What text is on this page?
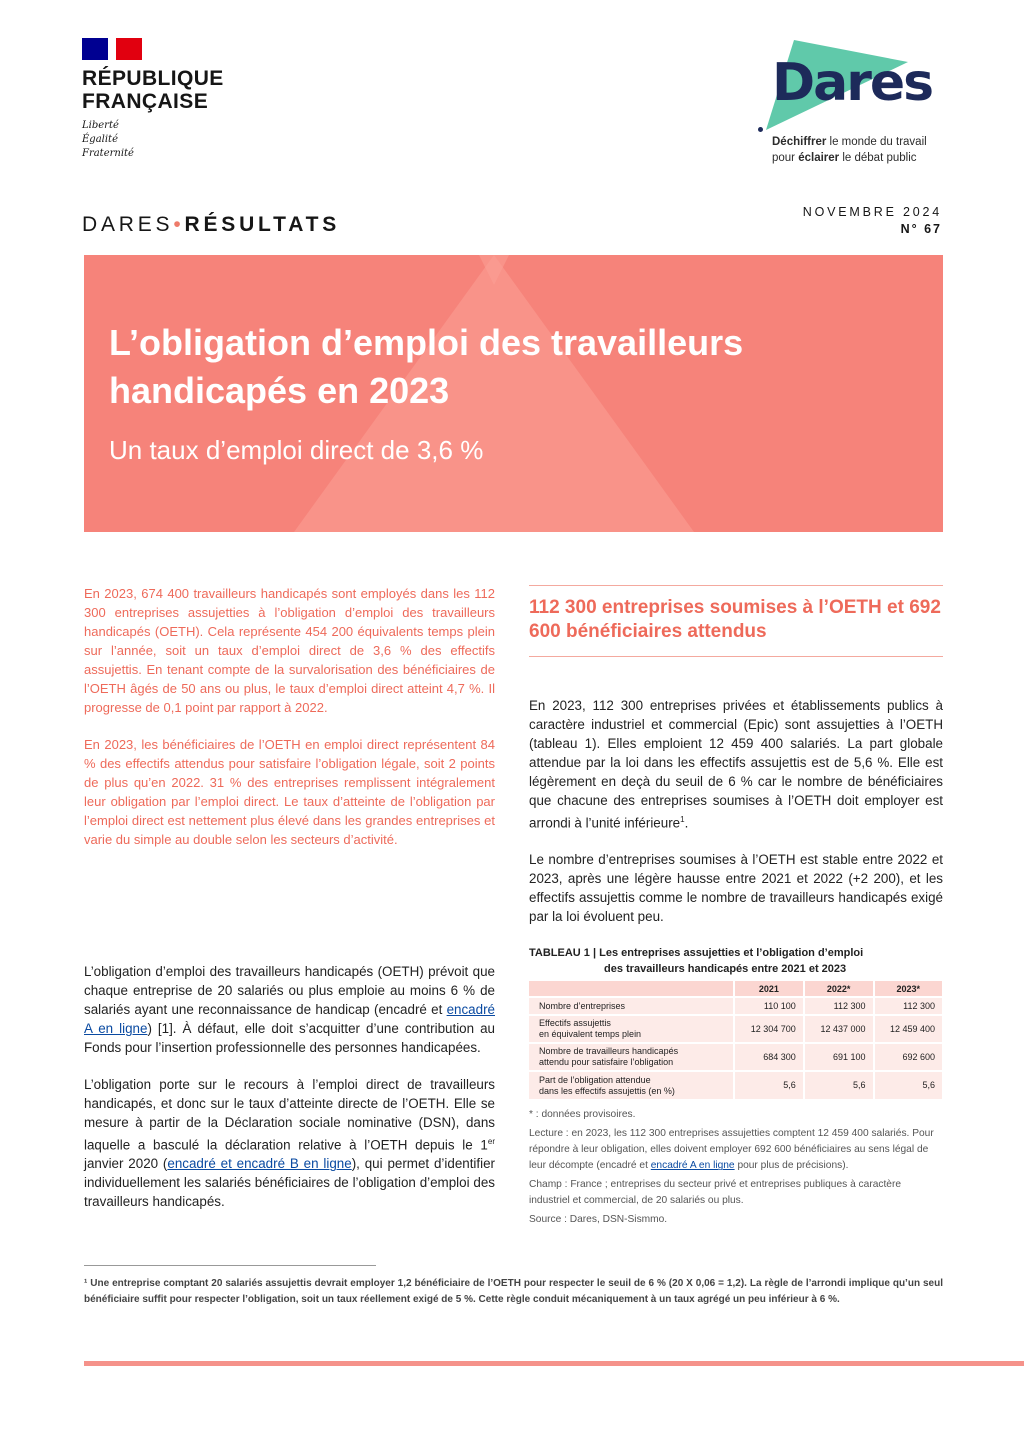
RÉPUBLIQUE
FRANÇAISE
Liberté
Égalité
Fraternité
Dares
Déchiffrer le monde du travail
pour éclairer le débat public
DARES•RÉSULTATS
NOVEMBRE 2024
N° 67
L’obligation d’emploi des travailleurs handicapés en 2023
Un taux d’emploi direct de 3,6 %

En 2023, 674 400 travailleurs handicapés sont employés dans les 112 300 entreprises assujetties à l’obligation d’emploi des travailleurs handicapés (OETH). Cela représente 454 200 équivalents temps plein sur l’année, soit un taux d’emploi direct de 3,6 % des effectifs assujettis. En tenant compte de la survalorisation des bénéficiaires de l’OETH âgés de 50 ans ou plus, le taux d’emploi direct atteint 4,7 %. Il progresse de 0,1 point par rapport à 2022.

En 2023, les bénéficiaires de l’OETH en emploi direct représentent 84 % des effectifs attendus pour satisfaire l’obligation légale, soit 2 points de plus qu’en 2022. 31 % des entreprises remplissent intégralement leur obligation par l’emploi direct. Le taux d’atteinte de l’obligation par l’emploi direct est nettement plus élevé dans les grandes entreprises et varie du simple au double selon les secteurs d’activité.

L’obligation d’emploi des travailleurs handicapés (OETH) prévoit que chaque entreprise de 20 salariés ou plus emploie au moins 6 % de salariés ayant une reconnaissance de handicap (encadré et encadré A en ligne) [1]. À défaut, elle doit s’acquitter d’une contribution au Fonds pour l’insertion professionnelle des personnes handicapées.

L’obligation porte sur le recours à l’emploi direct de travailleurs handicapés, et donc sur le taux d’atteinte directe de l’OETH. Elle se mesure à partir de la Déclaration sociale nominative (DSN), dans laquelle a basculé la déclaration relative à l’OETH depuis le 1er janvier 2020 (encadré et encadré B en ligne), qui permet d’identifier individuellement les salariés bénéficiaires de l’obligation d’emploi des travailleurs handicapés.

112 300 entreprises soumises à l’OETH et 692 600 bénéficiaires attendus

En 2023, 112 300 entreprises privées et établissements publics à caractère industriel et commercial (Epic) sont assujetties à l’OETH (tableau 1). Elles emploient 12 459 400 salariés. La part globale attendue par la loi dans les effectifs assujettis est de 5,6 %. Elle est légèrement en deçà du seuil de 6 % car le nombre de bénéficiaires que chacune des entreprises soumises à l’OETH doit employer est arrondi à l’unité inférieure$^1$.

Le nombre d’entreprises soumises à l’OETH est stable entre 2022 et 2023, après une légère hausse entre 2021 et 2022 (+2 200), et les effectifs assujettis comme le nombre de travailleurs handicapés exigé par la loi évoluent peu.

TABLEAU 1 | Les entreprises assujetties et l’obligation d’emploi
des travailleurs handicapés entre 2021 et 2023
	2021	2022*	2023*

Nombre d’entreprises	110 100	112 300	112 300

Effectifs assujettis
en équivalent temps plein	12 304 700	12 437 000	12 459 400

Nombre de travailleurs handicapés
attendu pour satisfaire l’obligation	684 300	691 100	692 600

Part de l’obligation attendue
dans les effectifs assujettis (en %)	5,6	5,6	5,6

* : données provisoires.

Lecture : en 2023, les 112 300 entreprises assujetties comptent 12 459 400 salariés. Pour répondre à leur obligation, elles doivent employer 692 600 bénéficiaires au sens légal de leur décompte (encadré et encadré A en ligne pour plus de précisions).

Champ : France ; entreprises du secteur privé et entreprises publiques à caractère industriel et commercial, de 20 salariés ou plus.

Source : Dares, DSN-Sismmo.

¹ Une entreprise comptant 20 salariés assujettis devrait employer 1,2 bénéficiaire de l’OETH pour respecter le seuil de 6 % (20 X 0,06 = 1,2). La règle de l’arrondi implique qu’un seul bénéficiaire suffit pour respecter l’obligation, soit un taux réellement exigé de 5 %. Cette règle conduit mécaniquement à un taux agrégé un peu inférieur à 6 %.
